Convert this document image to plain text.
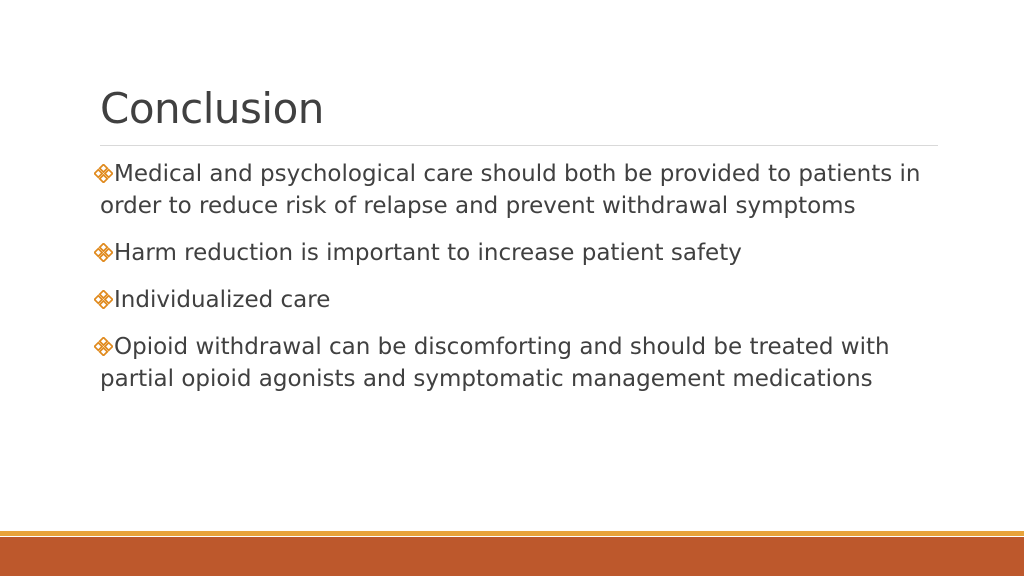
Conclusion
Medical and psychological care should both be provided to patients in order to reduce risk of relapse and prevent withdrawal symptoms
Harm reduction is important to increase patient safety
Individualized care
Opioid withdrawal can be discomforting and should be treated with partial opioid agonists and symptomatic management medications
